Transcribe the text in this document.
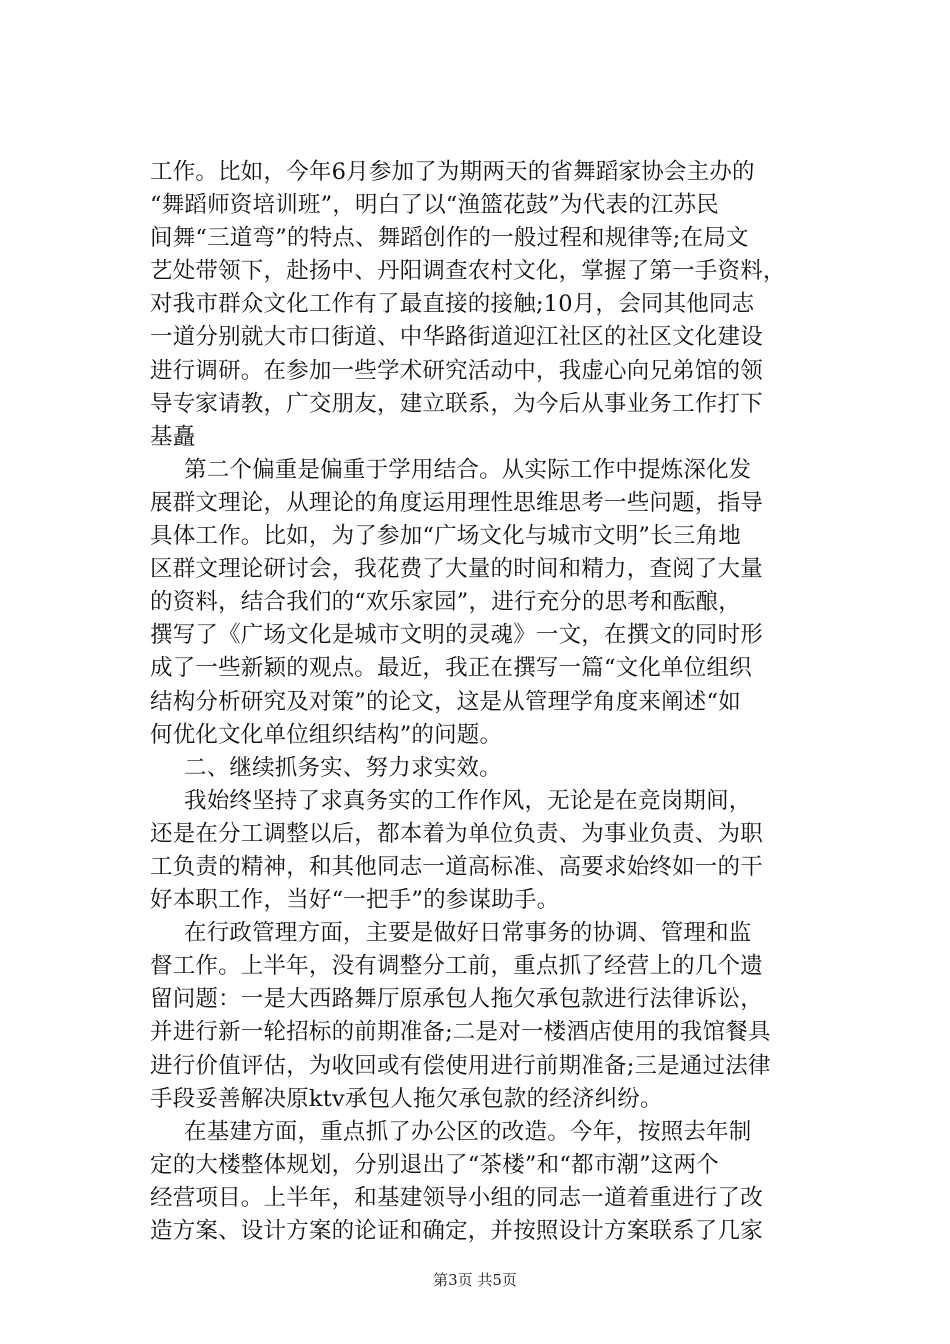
工作。比如，今年6月参加了为期两天的省舞蹈家协会主办的
“舞蹈师资培训班”，明白了以“渔篮花鼓”为代表的江苏民
间舞“三道弯”的特点、舞蹈创作的一般过程和规律等;在局文
艺处带领下，赴扬中、丹阳调查农村文化，掌握了第一手资料，
对我市群众文化工作有了最直接的接触;10月，会同其他同志
一道分别就大市口街道、中华路街道迎江社区的社区文化建设
进行调研。在参加一些学术研究活动中，我虚心向兄弟馆的领
导专家请教，广交朋友，建立联系，为今后从事业务工作打下
基矗
第二个偏重是偏重于学用结合。从实际工作中提炼深化发
展群文理论，从理论的角度运用理性思维思考一些问题，指导
具体工作。比如，为了参加“广场文化与城市文明”长三角地
区群文理论研讨会，我花费了大量的时间和精力，查阅了大量
的资料，结合我们的“欢乐家园”，进行充分的思考和酝酿，
撰写了《广场文化是城市文明的灵魂》一文，在撰文的同时形
成了一些新颖的观点。最近，我正在撰写一篇“文化单位组织
结构分析研究及对策”的论文，这是从管理学角度来阐述“如
何优化文化单位组织结构”的问题。
二、继续抓务实、努力求实效。
我始终坚持了求真务实的工作作风，无论是在竞岗期间，
还是在分工调整以后，都本着为单位负责、为事业负责、为职
工负责的精神，和其他同志一道高标准、高要求始终如一的干
好本职工作，当好“一把手”的参谋助手。
在行政管理方面，主要是做好日常事务的协调、管理和监
督工作。上半年，没有调整分工前，重点抓了经营上的几个遗
留问题：一是大西路舞厅原承包人拖欠承包款进行法律诉讼，
并进行新一轮招标的前期准备;二是对一楼酒店使用的我馆餐具
进行价值评估，为收回或有偿使用进行前期准备;三是通过法律
手段妥善解决原ktv承包人拖欠承包款的经济纠纷。
在基建方面，重点抓了办公区的改造。今年，按照去年制
定的大楼整体规划，分别退出了“茶楼”和“都市潮”这两个
经营项目。上半年，和基建领导小组的同志一道着重进行了改
造方案、设计方案的论证和确定，并按照设计方案联系了几家
第3页 共5页
